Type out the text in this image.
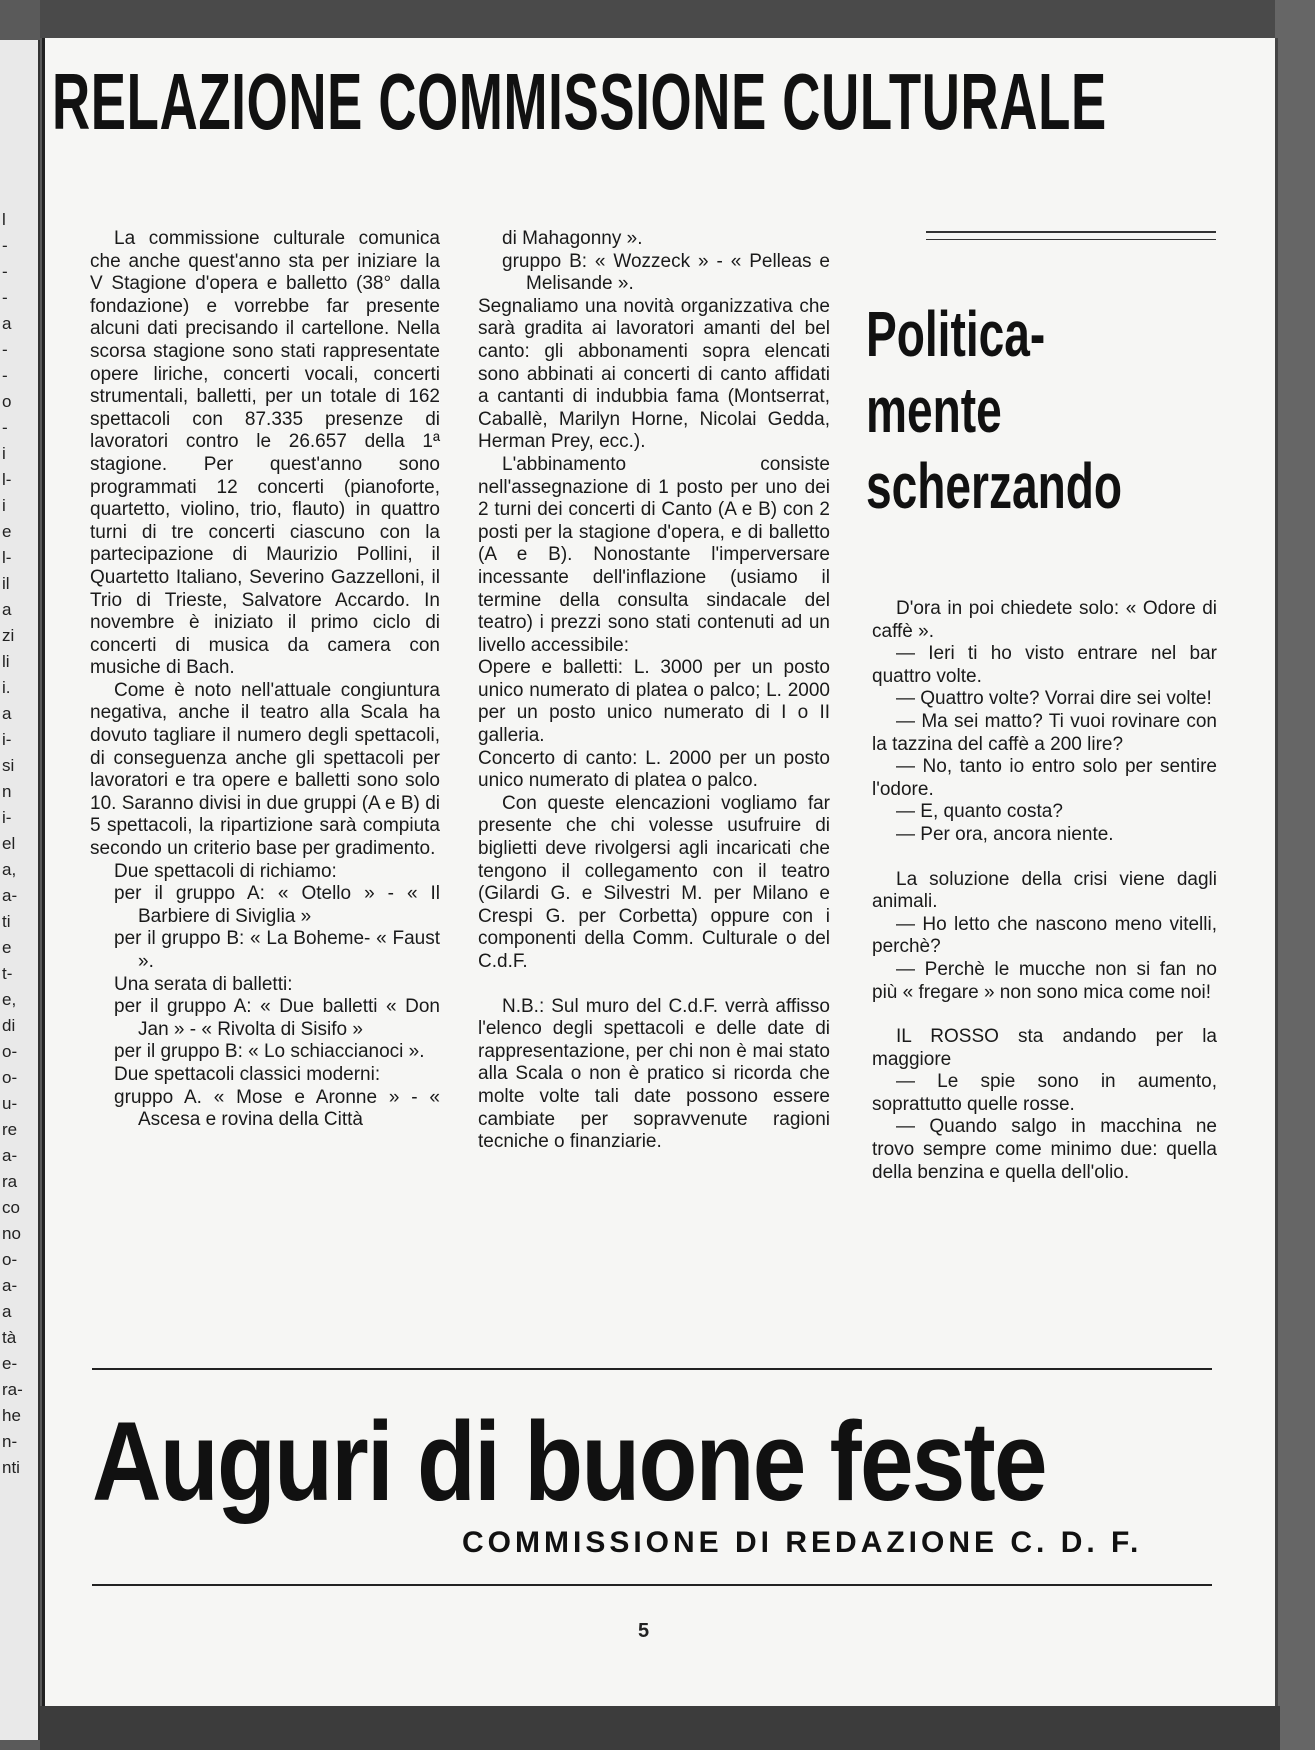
l
-
-
-
a
-
-
o
-
i
l-
i
e
l-
il
a
zi
li
i.
a
i-
si
n
i-
el
a,
a-
ti
e
t-
e,
di
o-
o-
u-
re
a-
ra
co
no
o-
a-
a
tà
e-
ra-
he
n-
nti
RELAZIONE COMMISSIONE CULTURALE

La commissione culturale comunica che anche quest'anno sta per iniziare la V Stagione d'opera e balletto (38° dalla fondazione) e vorrebbe far presente alcuni dati precisando il cartellone. Nella scorsa stagione sono stati rappresentate opere liriche, concerti vocali, concerti strumentali, balletti, per un totale di 162 spettacoli con 87.335 presenze di lavoratori contro le 26.657 della 1ª stagione. Per quest'anno sono programmati 12 concerti (pianoforte, quartetto, violino, trio, flauto) in quattro turni di tre concerti ciascuno con la partecipazione di Maurizio Pollini, il Quartetto Italiano, Severino Gazzelloni, il Trio di Trieste, Salvatore Accardo. In novembre è iniziato il primo ciclo di concerti di musica da camera con musiche di Bach.

Come è noto nell'attuale congiuntura negativa, anche il teatro alla Scala ha dovuto tagliare il numero degli spettacoli, di conseguenza anche gli spettacoli per lavoratori e tra opere e balletti sono solo 10. Saranno divisi in due gruppi (A e B) di 5 spettacoli, la ripartizione sarà compiuta secondo un criterio base per gradimento.

Due spettacoli di richiamo:

per il gruppo A: « Otello » - « Il Barbiere di Siviglia »

per il gruppo B: « La Boheme- « Faust ».

Una serata di balletti:

per il gruppo A: « Due balletti « Don Jan » - « Rivolta di Sisifo »

per il gruppo B: « Lo schiaccianoci ».

Due spettacoli classici moderni:

gruppo A. « Mose e Aronne » - « Ascesa e rovina della Città

di Mahagonny ».

gruppo B: « Wozzeck » - « Pelleas e Melisande ».

Segnaliamo una novità organizzativa che sarà gradita ai lavoratori amanti del bel canto: gli abbonamenti sopra elencati sono abbinati ai concerti di canto affidati a cantanti di indubbia fama (Montserrat, Caballè, Marilyn Horne, Nicolai Gedda, Herman Prey, ecc.).

L'abbinamento consiste nell'assegnazione di 1 posto per uno dei 2 turni dei concerti di Canto (A e B) con 2 posti per la stagione d'opera, e di balletto (A e B). Nonostante l'imperversare incessante dell'inflazione (usiamo il termine della consulta sindacale del teatro) i prezzi sono stati contenuti ad un livello accessibile:

Opere e balletti: L. 3000 per un posto unico numerato di platea o palco; L. 2000 per un posto unico numerato di I o II galleria.

Concerto di canto: L. 2000 per un posto unico numerato di platea o palco.

Con queste elencazioni vogliamo far presente che chi volesse usufruire di biglietti deve rivolgersi agli incaricati che tengono il collegamento con il teatro (Gilardi G. e Silvestri M. per Milano e Crespi G. per Corbetta) oppure con i componenti della Comm. Culturale o del C.d.F.

N.B.: Sul muro del C.d.F. verrà affisso l'elenco degli spettacoli e delle date di rappresentazione, per chi non è mai stato alla Scala o non è pratico si ricorda che molte volte tali date possono essere cambiate per sopravvenute ragioni tecniche o finanziarie.

Politica-
mente
scherzando

D'ora in poi chiedete solo: « Odore di caffè ».

— Ieri ti ho visto entrare nel bar quattro volte.

— Quattro volte? Vorrai dire sei volte!

— Ma sei matto? Ti vuoi rovinare con la tazzina del caffè a 200 lire?

— No, tanto io entro solo per sentire l'odore.

— E, quanto costa?

— Per ora, ancora niente.

La soluzione della crisi viene dagli animali.

— Ho letto che nascono meno vitelli, perchè?

— Perchè le mucche non si fan no più « fregare » non sono mica come noi!

IL ROSSO sta andando per la maggiore

— Le spie sono in aumento, soprattutto quelle rosse.

— Quando salgo in macchina ne trovo sempre come minimo due: quella della benzina e quella dell'olio.

Auguri di buone feste
COMMISSIONE DI REDAZIONE C. D. F.
5
